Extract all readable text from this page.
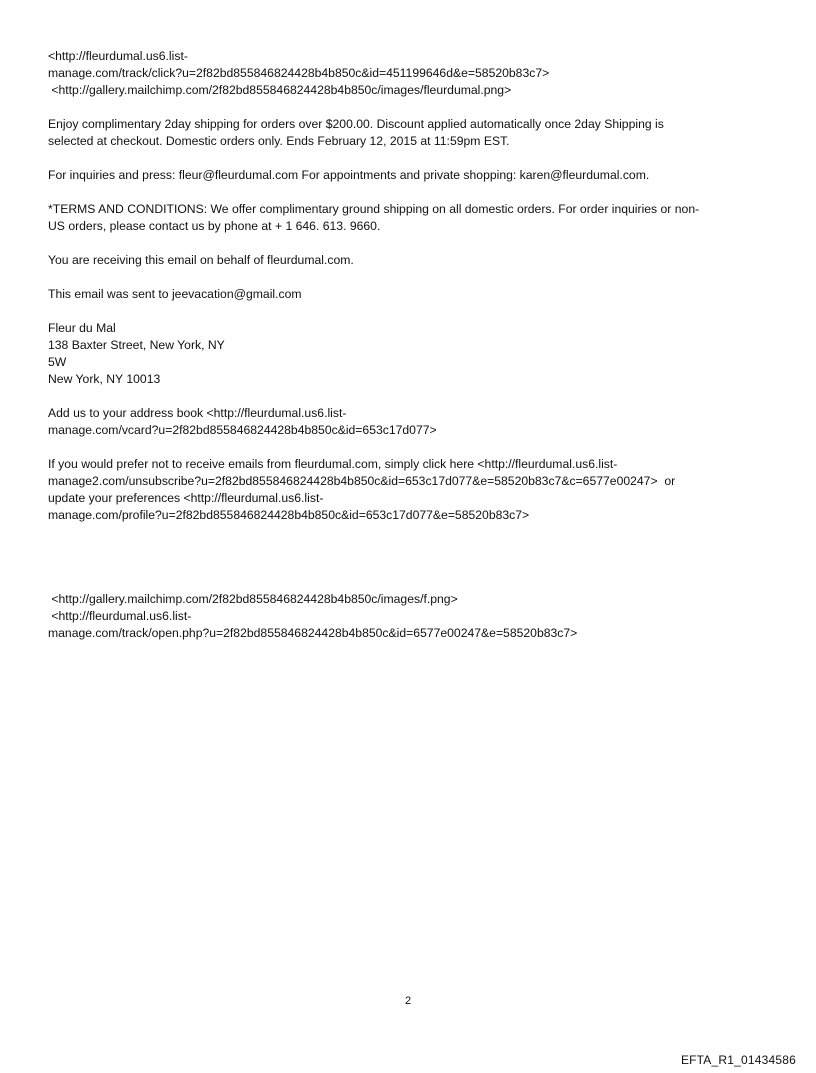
<http://fleurdumal.us6.list-
manage.com/track/click?u=2f82bd855846824428b4b850c&id=451199646d&e=58520b83c7>
<http://gallery.mailchimp.com/2f82bd855846824428b4b850c/images/fleurdumal.png>
Enjoy complimentary 2day shipping for orders over $200.00. Discount applied automatically once 2day Shipping is
selected at checkout. Domestic orders only. Ends February 12, 2015 at 11:59pm EST.
For inquiries and press: fleur@fleurdumal.com For appointments and private shopping: karen@fleurdumal.com.
*TERMS AND CONDITIONS: We offer complimentary ground shipping on all domestic orders. For order inquiries or non-
US orders, please contact us by phone at + 1 646. 613. 9660.
You are receiving this email on behalf of fleurdumal.com.
This email was sent to jeevacation@gmail.com
Fleur du Mal
138 Baxter Street, New York, NY
5W
New York, NY 10013
Add us to your address book <http://fleurdumal.us6.list-
manage.com/vcard?u=2f82bd855846824428b4b850c&id=653c17d077>
If you would prefer not to receive emails from fleurdumal.com, simply click here <http://fleurdumal.us6.list-
manage2.com/unsubscribe?u=2f82bd855846824428b4b850c&id=653c17d077&e=58520b83c7&c=6577e00247>  or
update your preferences <http://fleurdumal.us6.list-
manage.com/profile?u=2f82bd855846824428b4b850c&id=653c17d077&e=58520b83c7>
<http://gallery.mailchimp.com/2f82bd855846824428b4b850c/images/f.png>
<http://fleurdumal.us6.list-
manage.com/track/open.php?u=2f82bd855846824428b4b850c&id=6577e00247&e=58520b83c7>
2
EFTA_R1_01434586
